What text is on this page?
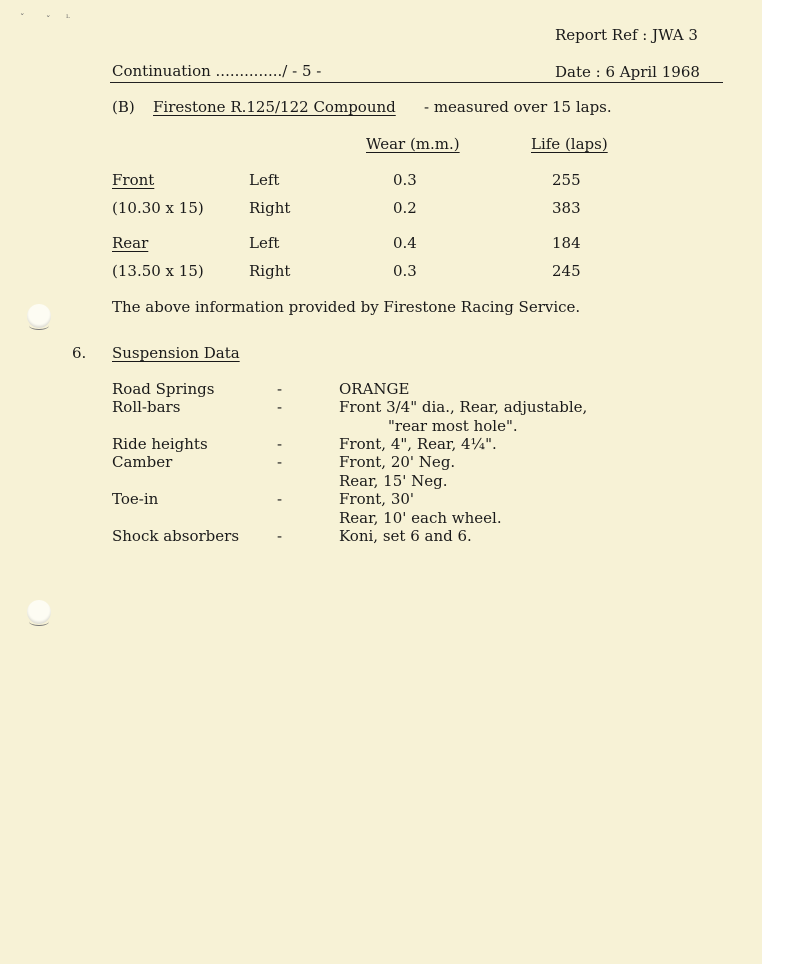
ˇ ˇ ᴸ
Report Ref : JWA 3
Continuation ............../ - 5 -	Date : 6 April 1968
(B) Firestone R.125/122 Compound - measured over 15 laps.
Wear (m.m.)	Life (laps)
Front	Left	0.3	255
(10.30 x 15)	Right	0.2	383
Rear	Left	0.4	184
(13.50 x 15)	Right	0.3	245
The above information provided by Firestone Racing Service.
6. Suspension Data
Road Springs	-	ORANGE
Roll-bars	-	Front 3/4" dia., Rear, adjustable,
"rear most hole".
Ride heights	-	Front, 4", Rear, 4¼".
Camber	-	Front, 20' Neg.
Rear, 15' Neg.
Toe-in	-	Front, 30'
Rear, 10' each wheel.
Shock absorbers	-	Koni, set 6 and 6.
